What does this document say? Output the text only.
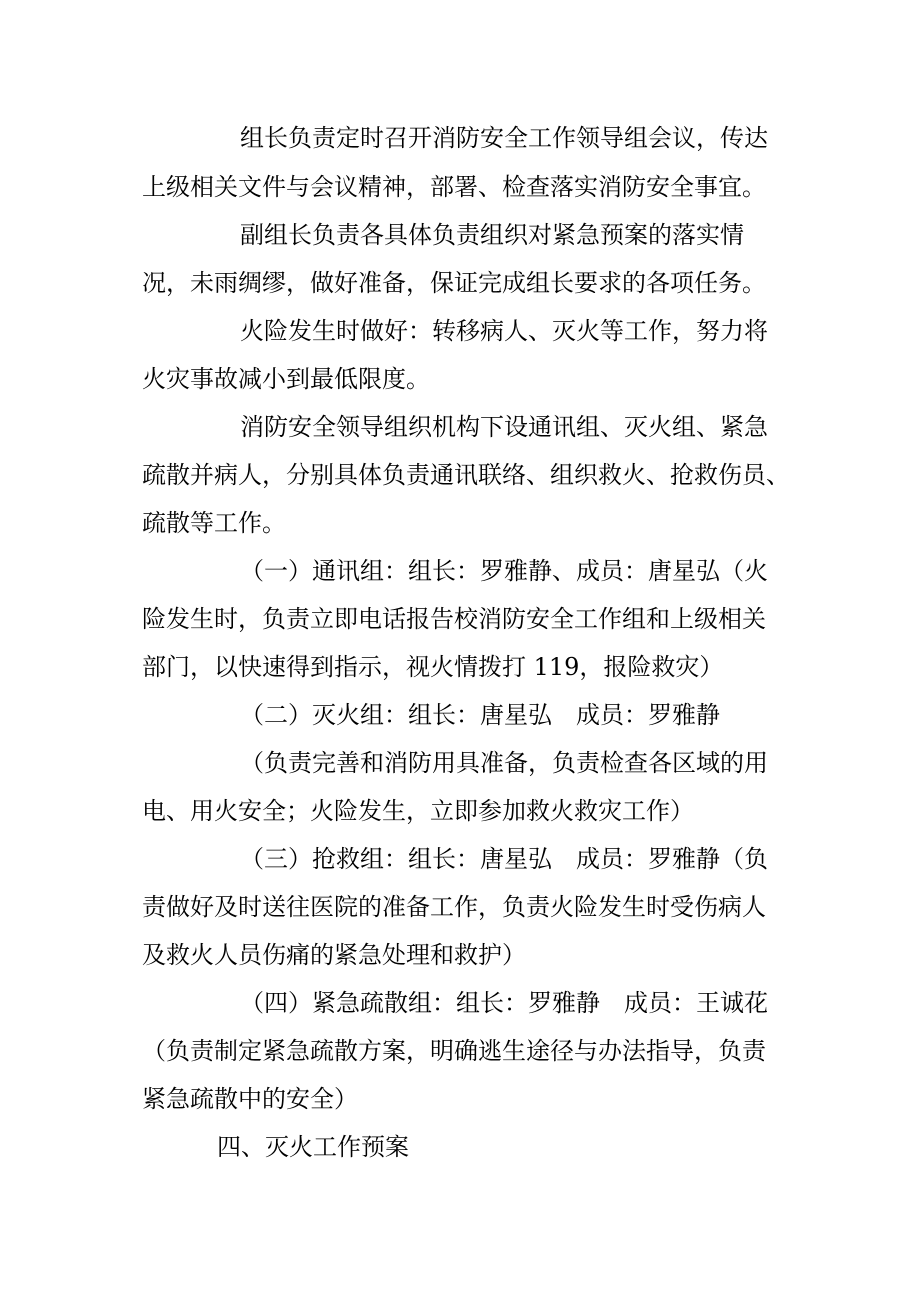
组长负责定时召开消防安全工作领导组会议，传达
上级相关文件与会议精神，部署、检查落实消防安全事宜。
副组长负责各具体负责组织对紧急预案的落实情
况，未雨绸缪，做好准备，保证完成组长要求的各项任务。
火险发生时做好：转移病人、灭火等工作，努力将
火灾事故减小到最低限度。
消防安全领导组织机构下设通讯组、灭火组、紧急
疏散并病人，分别具体负责通讯联络、组织救火、抢救伤员、
疏散等工作。
（一）通讯组：组长：罗雅静、成员：唐星弘（火
险发生时，负责立即电话报告校消防安全工作组和上级相关
部门，以快速得到指示，视火情拨打 119，报险救灾）
（二）灭火组：组长：唐星弘　成员：罗雅静
（负责完善和消防用具准备，负责检查各区域的用
电、用火安全；火险发生，立即参加救火救灾工作）
（三）抢救组：组长：唐星弘　成员：罗雅静（负
责做好及时送往医院的准备工作，负责火险发生时受伤病人
及救火人员伤痛的紧急处理和救护）
（四）紧急疏散组：组长：罗雅静　成员：王诚花
（负责制定紧急疏散方案，明确逃生途径与办法指导，负责
紧急疏散中的安全）
四、灭火工作预案
